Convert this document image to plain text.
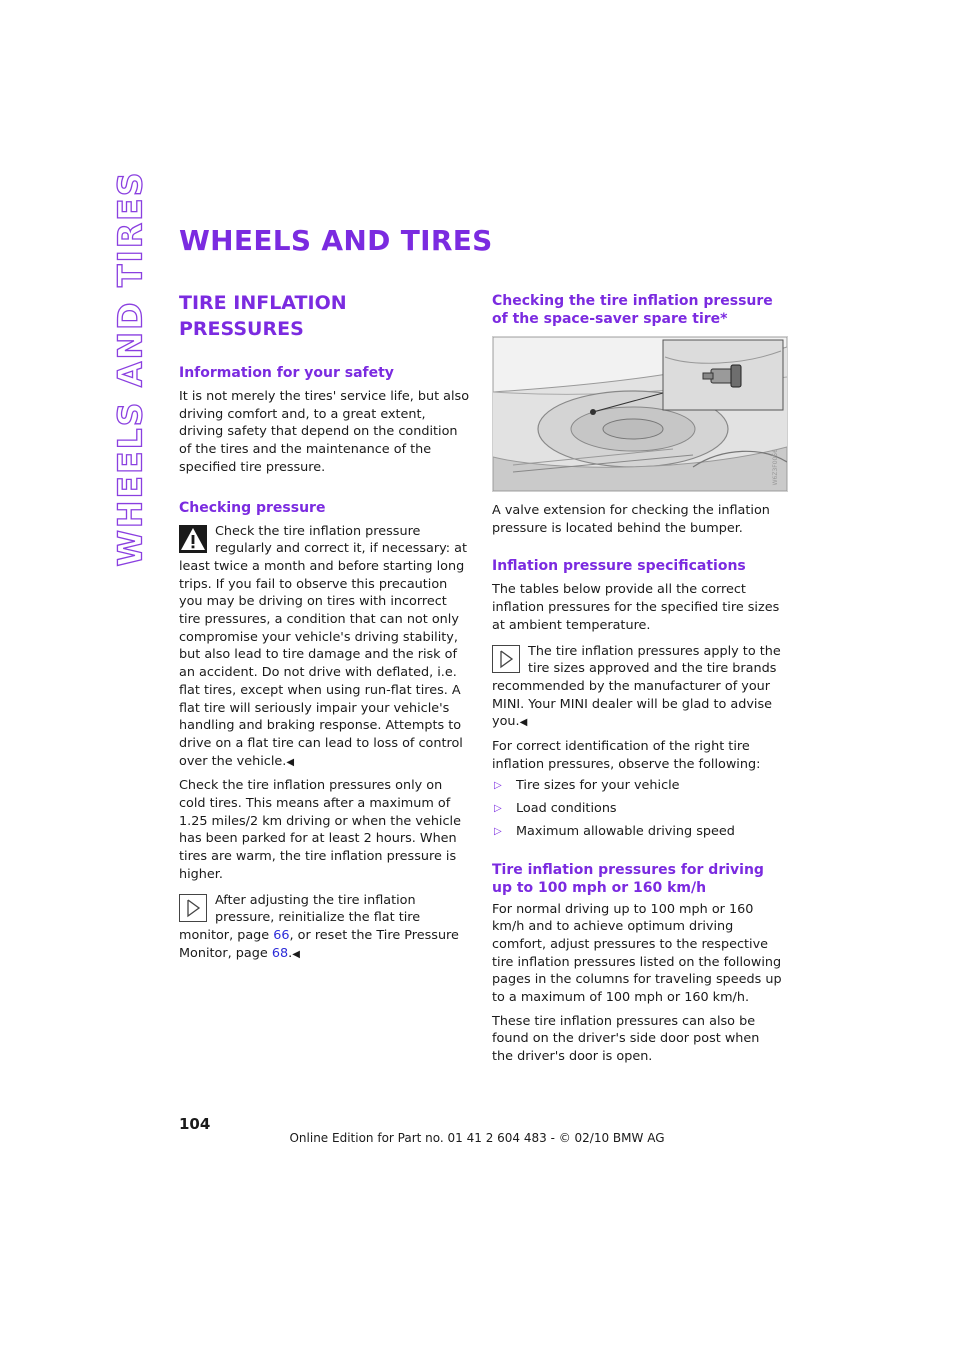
WHEELS AND TIRES WHEELS AND TIRES
TIRE INFLATION PRESSURES
Information for your safety

It is not merely the tires' service life, but also driving comfort and, to a great extent, driving safety that depend on the condition of the tires and the maintenance of the specified tire pressure.

Checking pressure

Check the tire inflation pressure regularly and correct it, if necessary: at least twice a month and before starting long trips. If you fail to observe this precaution you may be driving on tires with incorrect tire pressures, a condition that can not only compromise your vehicle's driving stability, but also lead to tire damage and the risk of an accident. Do not drive with deflated, i.e. flat tires, except when using run-flat tires. A flat tire will seriously impair your vehicle's handling and braking response. Attempts to drive on a flat tire can lead to loss of control over the vehicle.◀

Check the tire inflation pressures only on cold tires. This means after a maximum of 1.25 miles/2 km driving or when the vehicle has been parked for at least 2 hours. When tires are warm, the tire inflation pressure is higher.

After adjusting the tire inflation pressure, reinitialize the flat tire monitor, page 66, or reset the Tire Pressure Monitor, page 68.◀

Checking the tire inflation pressure of the space-saver spare tire*
W6Z3F0056

A valve extension for checking the inflation pressure is located behind the bumper.

Inflation pressure specifications

The tables below provide all the correct inflation pressures for the specified tire sizes at ambient temperature.

The tire inflation pressures apply to the tire sizes approved and the tire brands recommended by the manufacturer of your MINI. Your MINI dealer will be glad to advise you.◀

For correct identification of the right tire inflation pressures, observe the following:

▷ Tire sizes for your vehicle
▷ Load conditions
▷ Maximum allowable driving speed
Tire inflation pressures for driving up to 100 mph or 160 km/h

For normal driving up to 100 mph or 160 km/h and to achieve optimum driving comfort, adjust pressures to the respective tire inflation pressures listed on the following pages in the columns for traveling speeds up to a maximum of 100 mph or 160 km/h.

These tire inflation pressures can also be found on the driver's side door post when the driver's door is open.

104
Online Edition for Part no. 01 41 2 604 483 - © 02/10 BMW AG
